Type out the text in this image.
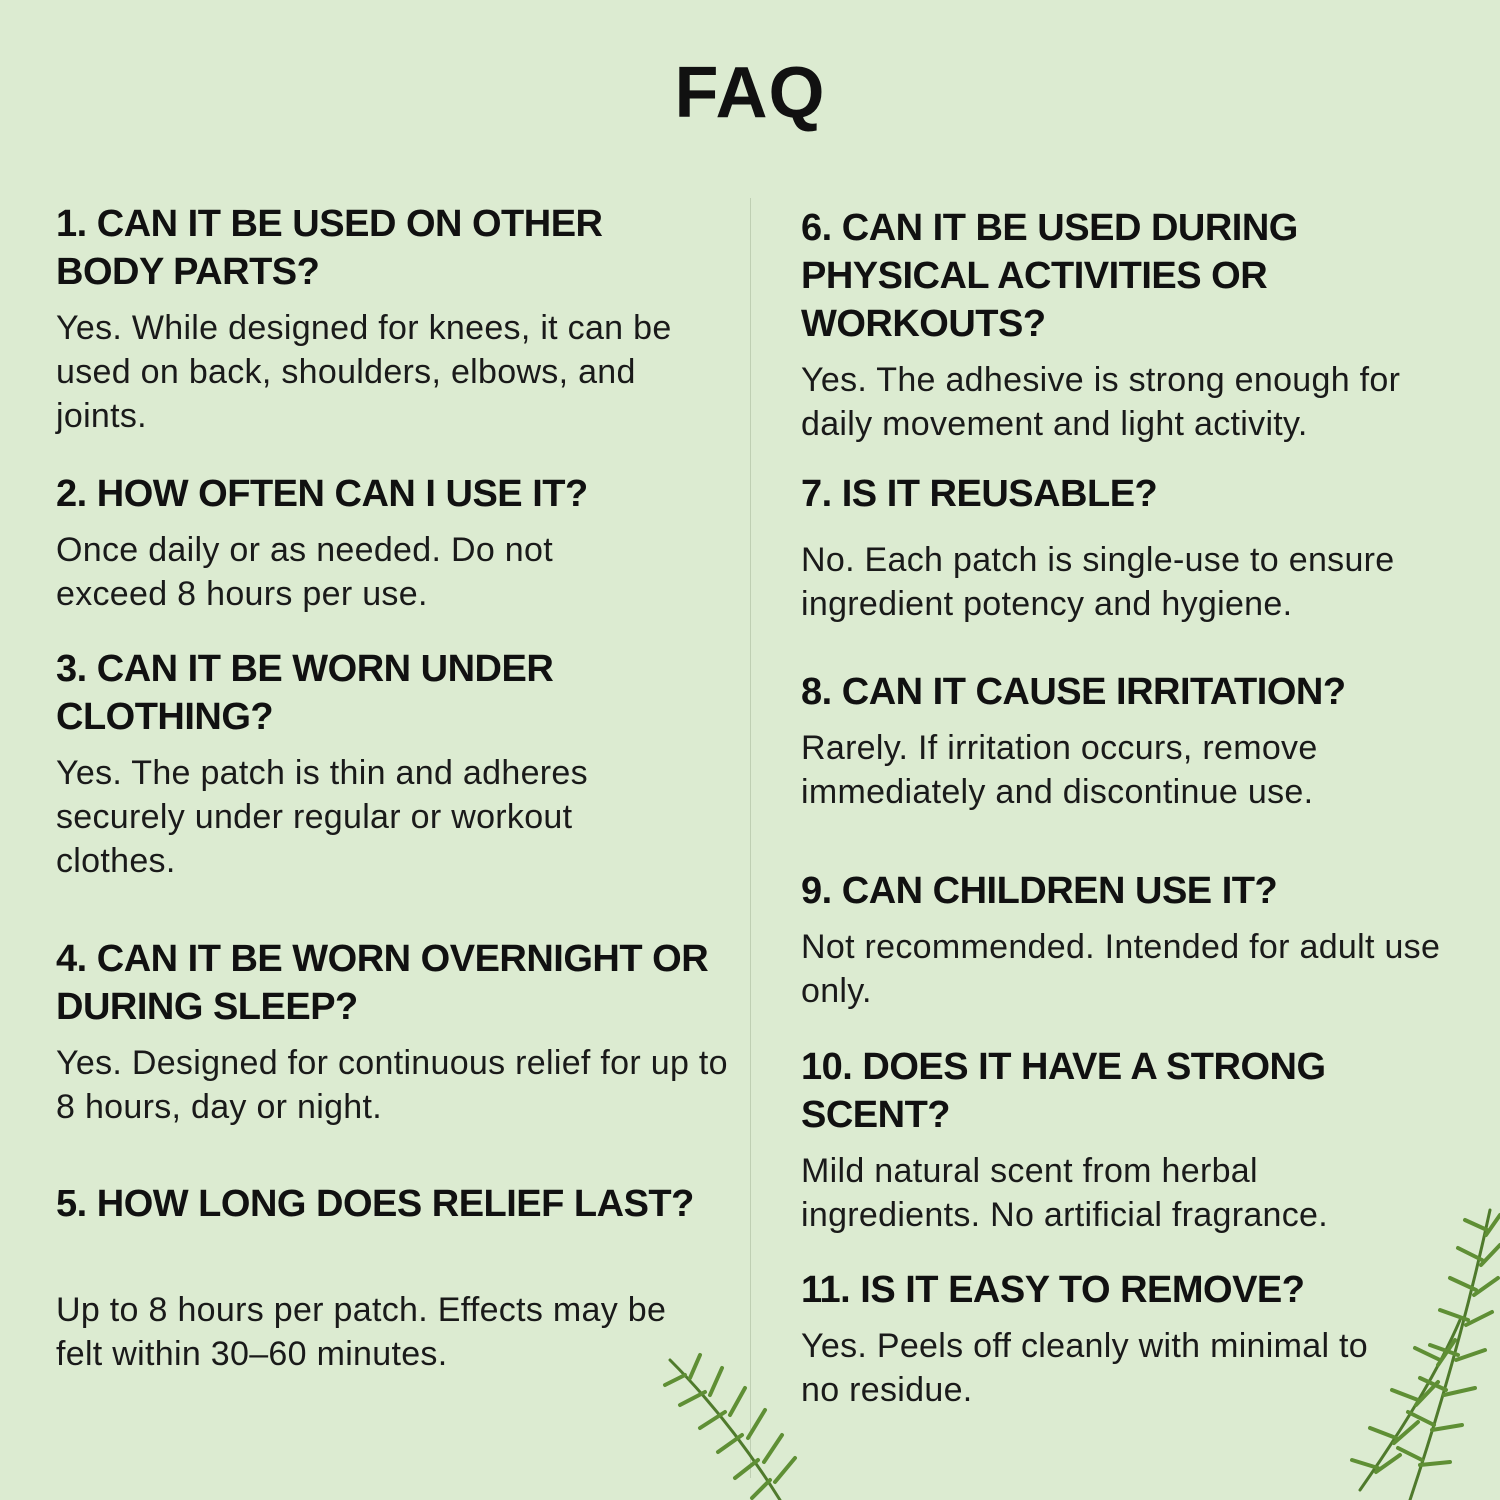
FAQ

1. CAN IT BE USED ON OTHER BODY PARTS?

Yes. While designed for knees, it can be used on back, shoulders, elbows, and joints.

2. HOW OFTEN CAN I USE IT?

Once daily or as needed. Do not exceed 8 hours per use.

3. CAN IT BE WORN UNDER CLOTHING?

Yes. The patch is thin and adheres securely under regular or workout clothes.

4. CAN IT BE WORN OVERNIGHT OR DURING SLEEP?

Yes. Designed for continuous relief for up to 8 hours, day or night.

5. HOW LONG DOES RELIEF LAST?

Up to 8 hours per patch. Effects may be felt within 30–60 minutes.

6. CAN IT BE USED DURING PHYSICAL ACTIVITIES OR WORKOUTS?

Yes. The adhesive is strong enough for daily movement and light activity.

7. IS IT REUSABLE?

No. Each patch is single-use to ensure ingredient potency and hygiene.

8. CAN IT CAUSE IRRITATION?

Rarely. If irritation occurs, remove immediately and discontinue use.

9. CAN CHILDREN USE IT?

Not recommended. Intended for adult use only.

10. DOES IT HAVE A STRONG SCENT?

Mild natural scent from herbal ingredients. No artificial fragrance.

11. IS IT EASY TO REMOVE?

Yes. Peels off cleanly with minimal to no residue.
